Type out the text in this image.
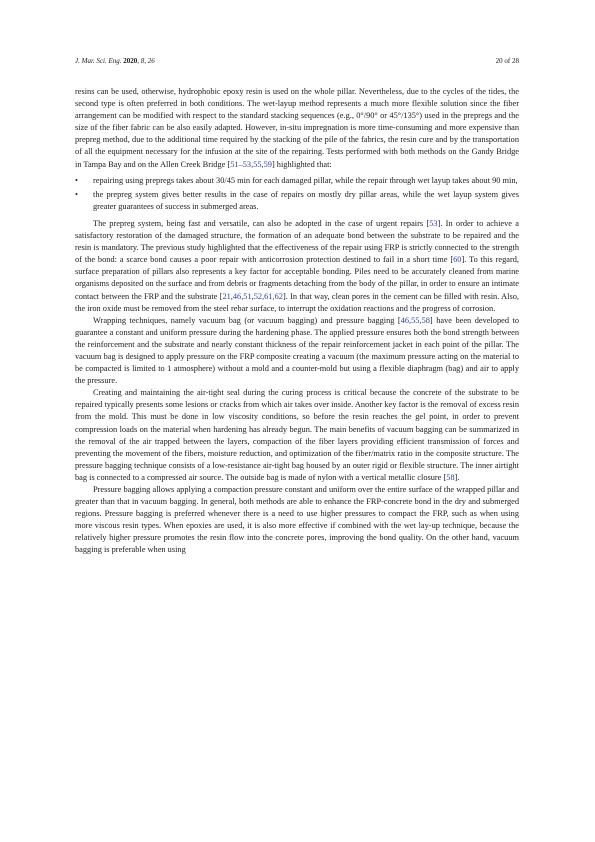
J. Mar. Sci. Eng. 2020, 8, 26	20 of 28

resins can be used, otherwise, hydrophobic epoxy resin is used on the whole pillar. Nevertheless, due to the cycles of the tides, the second type is often preferred in both conditions. The wet-layup method represents a much more flexible solution since the fiber arrangement can be modified with respect to the standard stacking sequences (e.g., 0°/90° or 45°/135°) used in the prepregs and the size of the fiber fabric can be also easily adapted. However, in-situ impregnation is more time-consuming and more expensive than prepreg method, due to the additional time required by the stacking of the pile of the fabrics, the resin cure and by the transportation of all the equipment necessary for the infusion at the site of the repairing. Tests performed with both methods on the Gandy Bridge in Tampa Bay and on the Allen Creek Bridge [51–53,55,59] highlighted that:

• repairing using prepregs takes about 30/45 min for each damaged pillar, while the repair through wet layup takes about 90 min,
• the prepreg system gives better results in the case of repairs on mostly dry pillar areas, while the wet layup system gives greater guarantees of success in submerged areas.

The prepreg system, being fast and versatile, can also be adopted in the case of urgent repairs [53]. In order to achieve a satisfactory restoration of the damaged structure, the formation of an adequate bond between the substrate to be repaired and the resin is mandatory. The previous study highlighted that the effectiveness of the repair using FRP is strictly connected to the strength of the bond: a scarce bond causes a poor repair with anticorrosion protection destined to fail in a short time [60]. To this regard, surface preparation of pillars also represents a key factor for acceptable bonding. Piles need to be accurately cleaned from marine organisms deposited on the surface and from debris or fragments detaching from the body of the pillar, in order to ensure an intimate contact between the FRP and the substrate [21,46,51,52,61,62]. In that way, clean pores in the cement can be filled with resin. Also, the iron oxide must be removed from the steel rebar surface, to interrupt the oxidation reactions and the progress of corrosion.

Wrapping techniques, namely vacuum bag (or vacuum bagging) and pressure bagging [46,55,58] have been developed to guarantee a constant and uniform pressure during the hardening phase. The applied pressure ensures both the bond strength between the reinforcement and the substrate and nearly constant thickness of the repair reinforcement jacket in each point of the pillar. The vacuum bag is designed to apply pressure on the FRP composite creating a vacuum (the maximum pressure acting on the material to be compacted is limited to 1 atmosphere) without a mold and a counter-mold but using a flexible diaphragm (bag) and air to apply the pressure.

Creating and maintaining the air-tight seal during the curing process is critical because the concrete of the substrate to be repaired typically presents some lesions or cracks from which air takes over inside. Another key factor is the removal of excess resin from the mold. This must be done in low viscosity conditions, so before the resin reaches the gel point, in order to prevent compression loads on the material when hardening has already begun. The main benefits of vacuum bagging can be summarized in the removal of the air trapped between the layers, compaction of the fiber layers providing efficient transmission of forces and preventing the movement of the fibers, moisture reduction, and optimization of the fiber/matrix ratio in the composite structure. The pressure bagging technique consists of a low-resistance air-tight bag housed by an outer rigid or flexible structure. The inner airtight bag is connected to a compressed air source. The outside bag is made of nylon with a vertical metallic closure [58].

Pressure bagging allows applying a compaction pressure constant and uniform over the entire surface of the wrapped pillar and greater than that in vacuum bagging. In general, both methods are able to enhance the FRP-concrete bond in the dry and submerged regions. Pressure bagging is preferred whenever there is a need to use higher pressures to compact the FRP, such as when using more viscous resin types. When epoxies are used, it is also more effective if combined with the wet lay-up technique, because the relatively higher pressure promotes the resin flow into the concrete pores, improving the bond quality. On the other hand, vacuum bagging is preferable when using
